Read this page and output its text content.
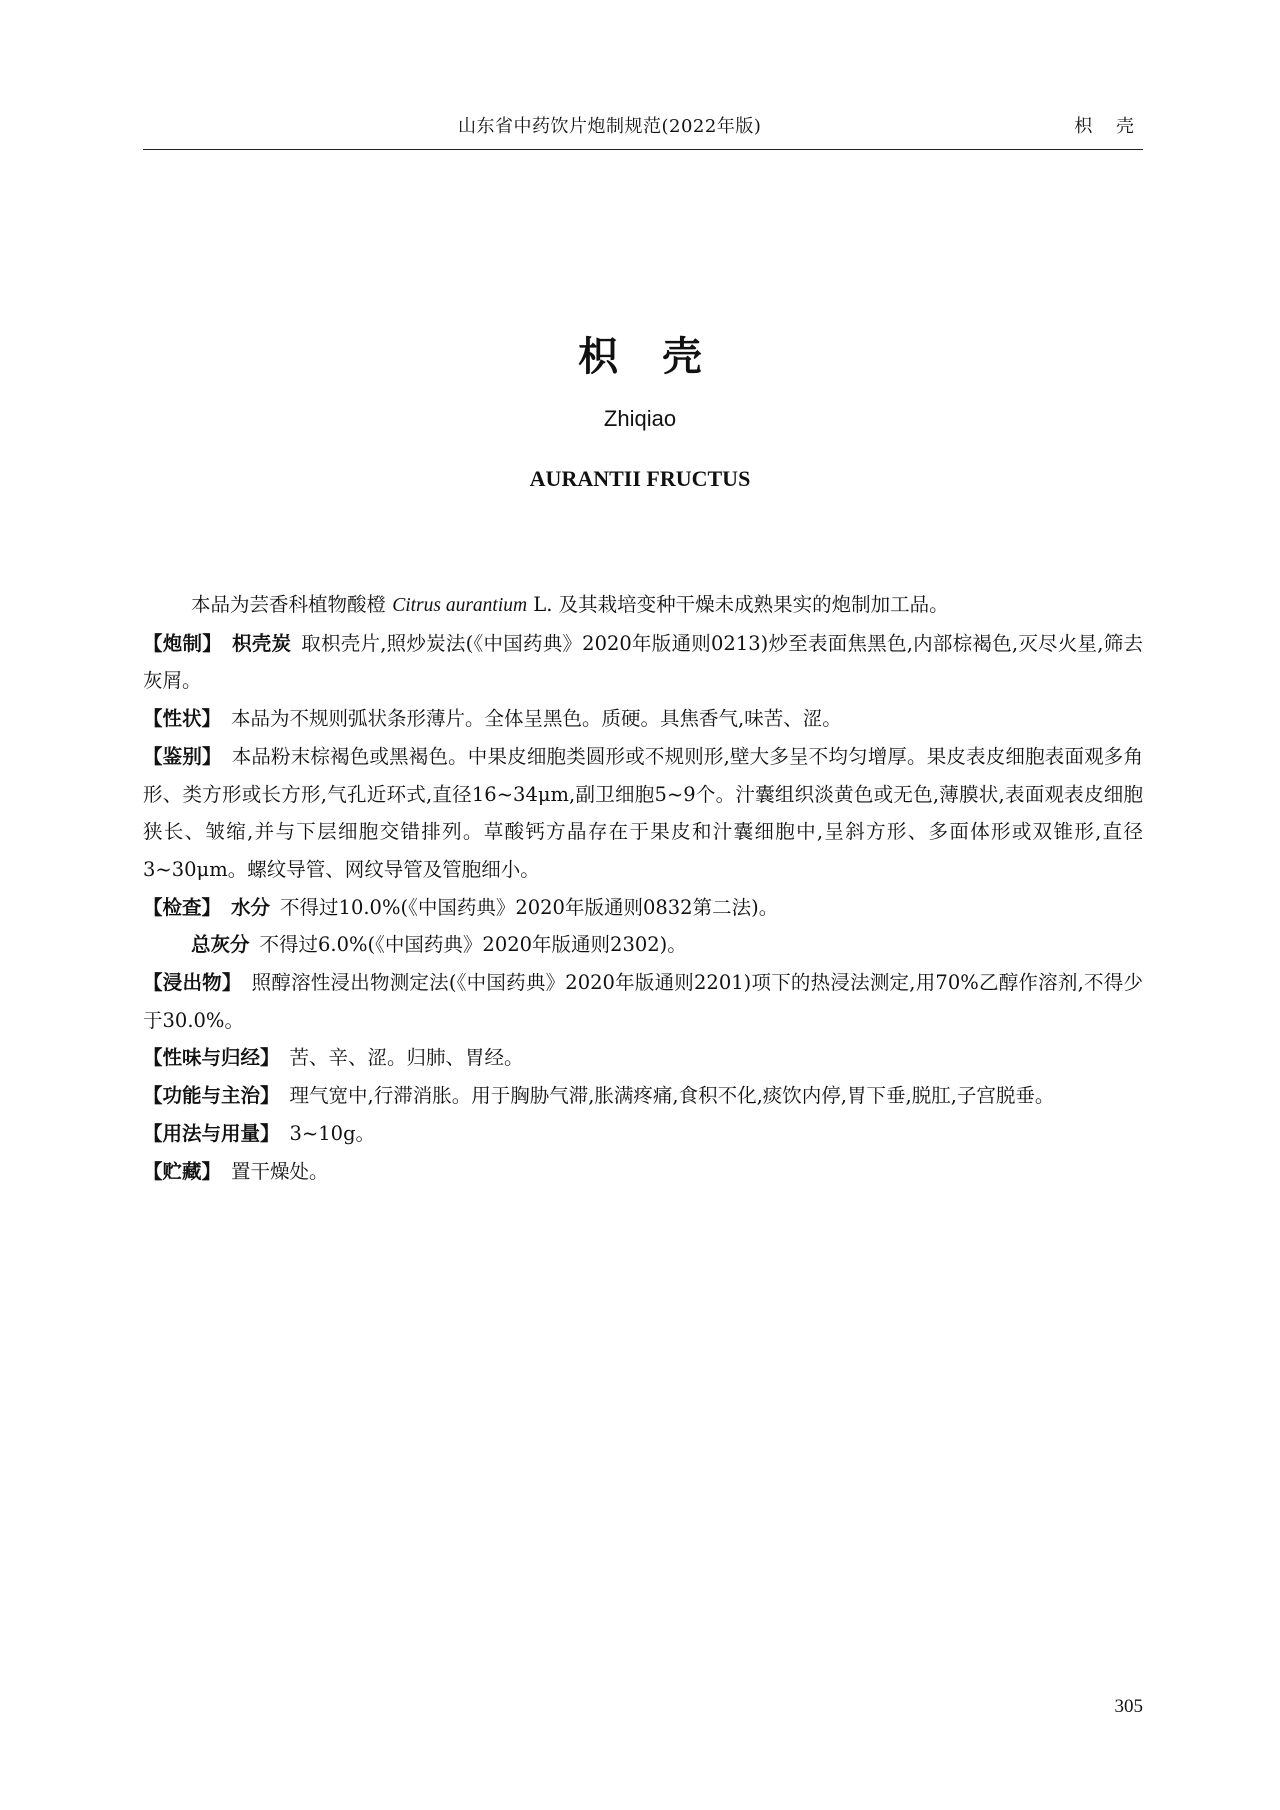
山东省中药饮片炮制规范(2022年版)	枳 壳
枳壳
Zhiqiao
AURANTII FRUCTUS

本品为芸香科植物酸橙 Citrus aurantium L. 及其栽培变种干燥未成熟果实的炮制加工品。

【炮制】 枳壳炭 取枳壳片,照炒炭法(《中国药典》2020年版通则0213)炒至表面焦黑色,内部棕褐色,灭尽火星,筛去灰屑。

【性状】 本品为不规则弧状条形薄片。全体呈黑色。质硬。具焦香气,味苦、涩。

【鉴别】 本品粉末棕褐色或黑褐色。中果皮细胞类圆形或不规则形,壁大多呈不均匀增厚。果皮表皮细胞表面观多角形、类方形或长方形,气孔近环式,直径16~34μm,副卫细胞5~9个。汁囊组织淡黄色或无色,薄膜状,表面观表皮细胞狭长、皱缩,并与下层细胞交错排列。草酸钙方晶存在于果皮和汁囊细胞中,呈斜方形、多面体形或双锥形,直径3~30μm。螺纹导管、网纹导管及管胞细小。

【检查】 水分 不得过10.0%(《中国药典》2020年版通则0832第二法)。

总灰分 不得过6.0%(《中国药典》2020年版通则2302)。

【浸出物】 照醇溶性浸出物测定法(《中国药典》2020年版通则2201)项下的热浸法测定,用70%乙醇作溶剂,不得少于30.0%。

【性味与归经】 苦、辛、涩。归肺、胃经。

【功能与主治】 理气宽中,行滞消胀。用于胸胁气滞,胀满疼痛,食积不化,痰饮内停,胃下垂,脱肛,子宫脱垂。

【用法与用量】 3~10g。

【贮藏】 置干燥处。

305
